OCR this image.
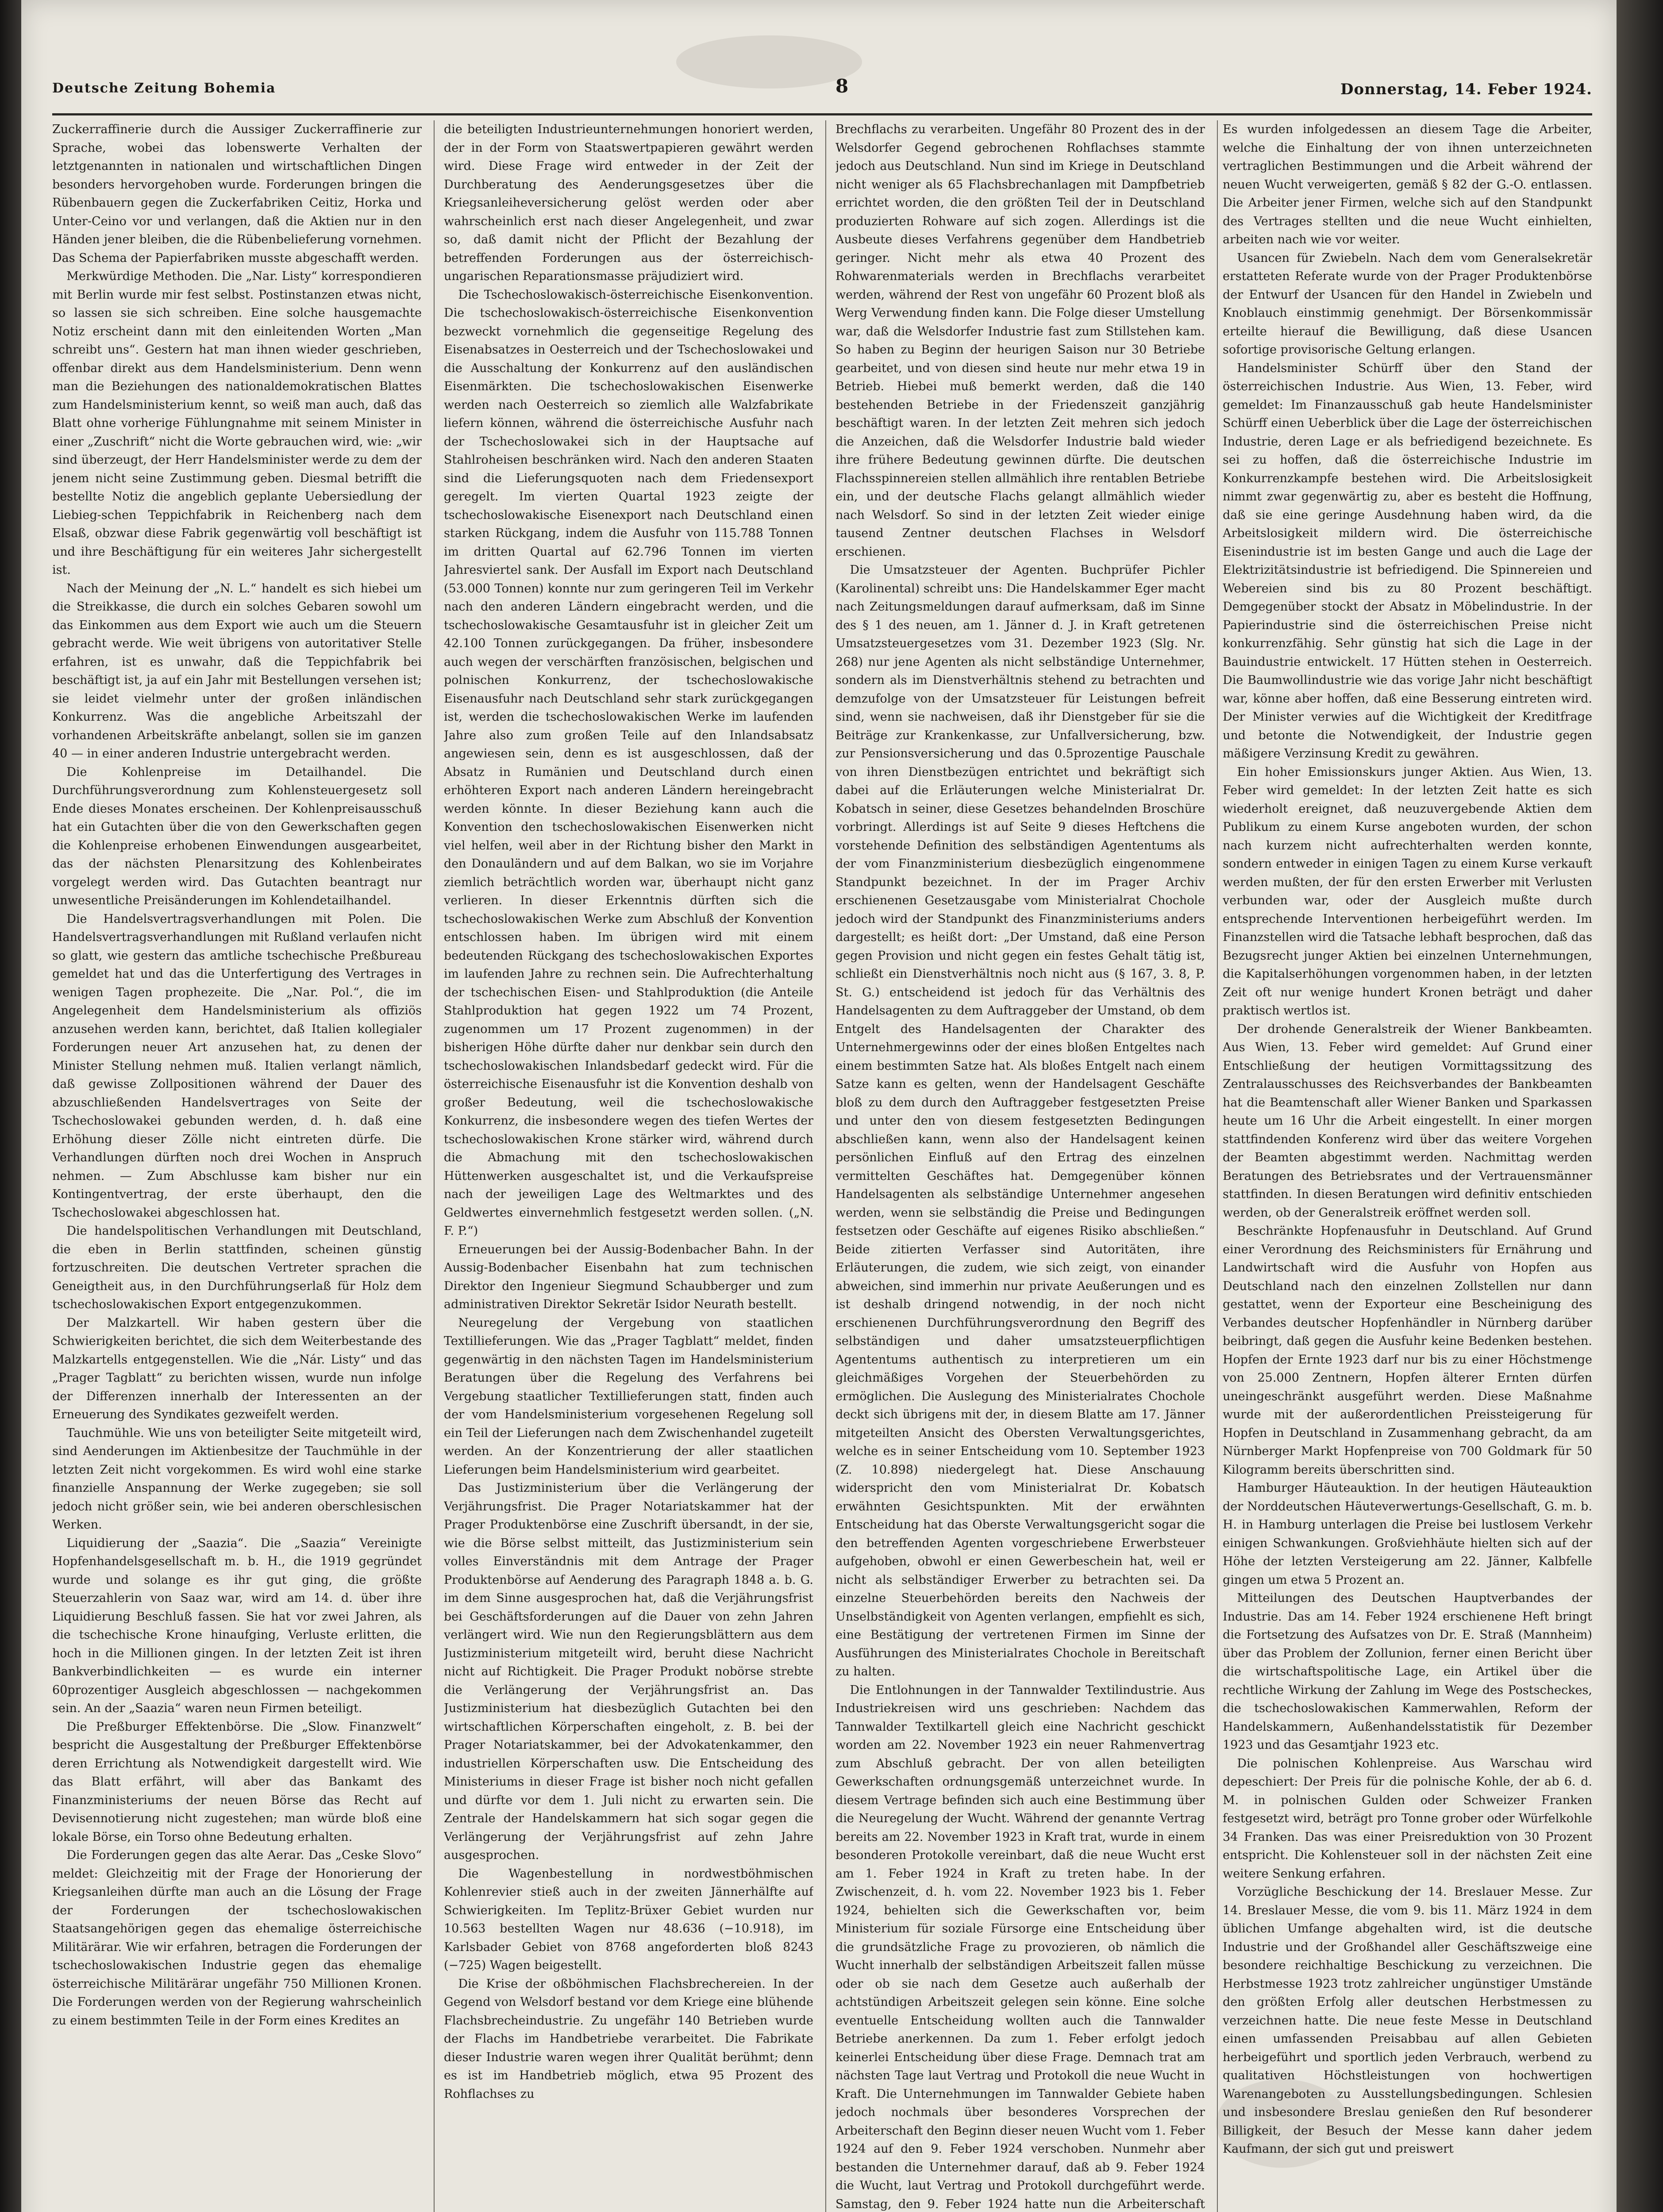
Deutsche Zeitung Bohemia	8	Donnerstag, 14. Feber 1924.

Zuckerraffinerie durch die Aussiger Zuckerraffinerie zur Sprache, wobei das lobenswerte Verhalten der letztgenannten in nationalen und wirtschaftlichen Dingen besonders hervorgehoben wurde. Forderungen bringen die Rübenbauern gegen die Zuckerfabriken Ceitiz, Horka und Unter-Ceino vor und verlangen, daß die Aktien nur in den Händen jener bleiben, die die Rübenbelieferung vornehmen. Das Schema der Papierfabriken musste abgeschafft werden.

Merkwürdige Methoden. Die „Nar. Listy“ korrespondieren mit Berlin wurde mir fest selbst. Postinstanzen etwas nicht, so lassen sie sich schreiben. Eine solche hausgemachte Notiz erscheint dann mit den einleitenden Worten „Man schreibt uns“. Gestern hat man ihnen wieder geschrieben, offenbar direkt aus dem Handelsministerium. Denn wenn man die Beziehungen des nationaldemokratischen Blattes zum Handelsministerium kennt, so weiß man auch, daß das Blatt ohne vorherige Fühlungnahme mit seinem Minister in einer „Zuschrift“ nicht die Worte gebrauchen wird, wie: „wir sind überzeugt, der Herr Handelsminister werde zu dem der jenem nicht seine Zustimmung geben. Diesmal betrifft die bestellte Notiz die angeblich geplante Uebersiedlung der Liebieg-schen Teppichfabrik in Reichenberg nach dem Elsaß, obzwar diese Fabrik gegenwärtig voll beschäftigt ist und ihre Beschäftigung für ein weiteres Jahr sichergestellt ist.

Nach der Meinung der „N. L.“ handelt es sich hiebei um die Streikkasse, die durch ein solches Gebaren sowohl um das Einkommen aus dem Export wie auch um die Steuern gebracht werde. Wie weit übrigens von autoritativer Stelle erfahren, ist es unwahr, daß die Teppichfabrik bei beschäftigt ist, ja auf ein Jahr mit Bestellungen versehen ist; sie leidet vielmehr unter der großen inländischen Konkurrenz. Was die angebliche Arbeitszahl der vorhandenen Arbeitskräfte anbelangt, sollen sie im ganzen 40 — in einer anderen Industrie untergebracht werden.

Die Kohlenpreise im Detailhandel. Die Durchführungsverordnung zum Kohlensteuergesetz soll Ende dieses Monates erscheinen. Der Kohlenpreisausschuß hat ein Gutachten über die von den Gewerkschaften gegen die Kohlenpreise erhobenen Einwendungen ausgearbeitet, das der nächsten Plenarsitzung des Kohlenbeirates vorgelegt werden wird. Das Gutachten beantragt nur unwesentliche Preisänderungen im Kohlendetailhandel.

Die Handelsvertragsverhandlungen mit Polen. Die Handelsvertragsverhandlungen mit Rußland verlaufen nicht so glatt, wie gestern das amtliche tschechische Preßbureau gemeldet hat und das die Unterfertigung des Vertrages in wenigen Tagen prophezeite. Die „Nar. Pol.“, die im Angelegenheit dem Handelsministerium als offiziös anzusehen werden kann, berichtet, daß Italien kollegialer Forderungen neuer Art anzusehen hat, zu denen der Minister Stellung nehmen muß. Italien verlangt nämlich, daß gewisse Zollpositionen während der Dauer des abzuschließenden Handelsvertrages von Seite der Tschechoslowakei gebunden werden, d. h. daß eine Erhöhung dieser Zölle nicht eintreten dürfe. Die Verhandlungen dürften noch drei Wochen in Anspruch nehmen. — Zum Abschlusse kam bisher nur ein Kontingentvertrag, der erste überhaupt, den die Tschechoslowakei abgeschlossen hat.

Die handelspolitischen Verhandlungen mit Deutschland, die eben in Berlin stattfinden, scheinen günstig fortzuschreiten. Die deutschen Vertreter sprachen die Geneigtheit aus, in den Durchführungserlaß für Holz dem tschechoslowakischen Export entgegenzukommen.

Der Malzkartell. Wir haben gestern über die Schwierigkeiten berichtet, die sich dem Weiterbestande des Malzkartells entgegenstellen. Wie die „Nár. Listy“ und das „Prager Tagblatt“ zu berichten wissen, wurde nun infolge der Differenzen innerhalb der Interessenten an der Erneuerung des Syndikates gezweifelt werden.

Tauchmühle. Wie uns von beteiligter Seite mitgeteilt wird, sind Aenderungen im Aktienbesitze der Tauchmühle in der letzten Zeit nicht vorgekommen. Es wird wohl eine starke finanzielle Anspannung der Werke zugegeben; sie soll jedoch nicht größer sein, wie bei anderen oberschlesischen Werken.

Liquidierung der „Saazia“. Die „Saazia“ Vereinigte Hopfenhandelsgesellschaft m. b. H., die 1919 gegründet wurde und solange es ihr gut ging, die größte Steuerzahlerin von Saaz war, wird am 14. d. über ihre Liquidierung Beschluß fassen. Sie hat vor zwei Jahren, als die tschechische Krone hinaufging, Verluste erlitten, die hoch in die Millionen gingen. In der letzten Zeit ist ihren Bankverbindlichkeiten — es wurde ein interner 60prozentiger Ausgleich abgeschlossen — nachgekommen sein. An der „Saazia“ waren neun Firmen beteiligt.

Die Preßburger Effektenbörse. Die „Slow. Finanzwelt“ bespricht die Ausgestaltung der Preßburger Effektenbörse deren Errichtung als Notwendigkeit dargestellt wird. Wie das Blatt erfährt, will aber das Bankamt des Finanzministeriums der neuen Börse das Recht auf Devisennotierung nicht zugestehen; man würde bloß eine lokale Börse, ein Torso ohne Bedeutung erhalten.

Die Forderungen gegen das alte Aerar. Das „Ceske Slovo“ meldet: Gleichzeitig mit der Frage der Honorierung der Kriegsanleihen dürfte man auch an die Lösung der Frage der Forderungen der tschechoslowakischen Staatsangehörigen gegen das ehemalige österreichische Militärärar. Wie wir erfahren, betragen die Forderungen der tschechoslowakischen Industrie gegen das ehemalige österreichische Militärärar ungefähr 750 Millionen Kronen. Die Forderungen werden von der Regierung wahrscheinlich zu einem bestimmten Teile in der Form eines Kredites an

die beteiligten Industrieunternehmungen honoriert werden, der in der Form von Staatswertpapieren gewährt werden wird. Diese Frage wird entweder in der Zeit der Durchberatung des Aenderungsgesetzes über die Kriegsanleiheversicherung gelöst werden oder aber wahrscheinlich erst nach dieser Angelegenheit, und zwar so, daß damit nicht der Pflicht der Bezahlung der betreffenden Forderungen aus der österreichisch-ungarischen Reparationsmasse präjudiziert wird.

Die Tschechoslowakisch-österreichische Eisenkonvention. Die tschechoslowakisch-österreichische Eisenkonvention bezweckt vornehmlich die gegenseitige Regelung des Eisenabsatzes in Oesterreich und der Tschechoslowakei und die Ausschaltung der Konkurrenz auf den ausländischen Eisenmärkten. Die tschechoslowakischen Eisenwerke werden nach Oesterreich so ziemlich alle Walzfabrikate liefern können, während die österreichische Ausfuhr nach der Tschechoslowakei sich in der Hauptsache auf Stahlroheisen beschränken wird. Nach den anderen Staaten sind die Lieferungsquoten nach dem Friedensexport geregelt. Im vierten Quartal 1923 zeigte der tschechoslowakische Eisenexport nach Deutschland einen starken Rückgang, indem die Ausfuhr von 115.788 Tonnen im dritten Quartal auf 62.796 Tonnen im vierten Jahresviertel sank. Der Ausfall im Export nach Deutschland (53.000 Tonnen) konnte nur zum geringeren Teil im Verkehr nach den anderen Ländern eingebracht werden, und die tschechoslowakische Gesamtausfuhr ist in gleicher Zeit um 42.100 Tonnen zurückgegangen. Da früher, insbesondere auch wegen der verschärften französischen, belgischen und polnischen Konkurrenz, der tschechoslowakische Eisenausfuhr nach Deutschland sehr stark zurückgegangen ist, werden die tschechoslowakischen Werke im laufenden Jahre also zum großen Teile auf den Inlandsabsatz angewiesen sein, denn es ist ausgeschlossen, daß der Absatz in Rumänien und Deutschland durch einen erhöhteren Export nach anderen Ländern hereingebracht werden könnte. In dieser Beziehung kann auch die Konvention den tschechoslowakischen Eisenwerken nicht viel helfen, weil aber in der Richtung bisher den Markt in den Donauländern und auf dem Balkan, wo sie im Vorjahre ziemlich beträchtlich worden war, überhaupt nicht ganz verlieren. In dieser Erkenntnis dürften sich die tschechoslowakischen Werke zum Abschluß der Konvention entschlossen haben. Im übrigen wird mit einem bedeutenden Rückgang des tschechoslowakischen Exportes im laufenden Jahre zu rechnen sein. Die Aufrechterhaltung der tschechischen Eisen- und Stahlproduktion (die Anteile Stahlproduktion hat gegen 1922 um 74 Prozent, zugenommen um 17 Prozent zugenommen) in der bisherigen Höhe dürfte daher nur denkbar sein durch den tschechoslowakischen Inlandsbedarf gedeckt wird. Für die österreichische Eisenausfuhr ist die Konvention deshalb von großer Bedeutung, weil die tschechoslowakische Konkurrenz, die insbesondere wegen des tiefen Wertes der tschechoslowakischen Krone stärker wird, während durch die Abmachung mit den tschechoslowakischen Hüttenwerken ausgeschaltet ist, und die Verkaufspreise nach der jeweiligen Lage des Weltmarktes und des Geldwertes einvernehmlich festgesetzt werden sollen. („N. F. P.“)

Erneuerungen bei der Aussig-Bodenbacher Bahn. In der Aussig-Bodenbacher Eisenbahn hat zum technischen Direktor den Ingenieur Siegmund Schaubberger und zum administrativen Direktor Sekretär Isidor Neurath bestellt.

Neuregelung der Vergebung von staatlichen Textillieferungen. Wie das „Prager Tagblatt“ meldet, finden gegenwärtig in den nächsten Tagen im Handelsministerium Beratungen über die Regelung des Verfahrens bei Vergebung staatlicher Textillieferungen statt, finden auch der vom Handelsministerium vorgesehenen Regelung soll ein Teil der Lieferungen nach dem Zwischenhandel zugeteilt werden. An der Konzentrierung der aller staatlichen Lieferungen beim Handelsministerium wird gearbeitet.

Das Justizministerium über die Verlängerung der Verjährungsfrist. Die Prager Notariatskammer hat der Prager Produktenbörse eine Zuschrift übersandt, in der sie, wie die Börse selbst mitteilt, das Justizministerium sein volles Einverständnis mit dem Antrage der Prager Produktenbörse auf Aenderung des Paragraph 1848 a. b. G. im dem Sinne ausgesprochen hat, daß die Verjährungsfrist bei Geschäftsforderungen auf die Dauer von zehn Jahren verlängert wird. Wie nun den Regierungsblättern aus dem Justizministerium mitgeteilt wird, beruht diese Nachricht nicht auf Richtigkeit. Die Prager Produkt nobörse strebte die Verlängerung der Verjährungsfrist an. Das Justizministerium hat diesbezüglich Gutachten bei den wirtschaftlichen Körperschaften eingeholt, z. B. bei der Prager Notariatskammer, bei der Advokatenkammer, den industriellen Körperschaften usw. Die Entscheidung des Ministeriums in dieser Frage ist bisher noch nicht gefallen und dürfte vor dem 1. Juli nicht zu erwarten sein. Die Zentrale der Handelskammern hat sich sogar gegen die Verlängerung der Verjährungsfrist auf zehn Jahre ausgesprochen.

Die Wagenbestellung in nordwestböhmischen Kohlenrevier stieß auch in der zweiten Jännerhälfte auf Schwierigkeiten. Im Teplitz-Brüxer Gebiet wurden nur 10.563 bestellten Wagen nur 48.636 (−10.918), im Karlsbader Gebiet von 8768 angeforderten bloß 8243 (−725) Wagen beigestellt.

Die Krise der oßböhmischen Flachsbrechereien. In der Gegend von Welsdorf bestand vor dem Kriege eine blühende Flachsbrecheindustrie. Zu ungefähr 140 Betrieben wurde der Flachs im Handbetriebe verarbeitet. Die Fabrikate dieser Industrie waren wegen ihrer Qualität berühmt; denn es ist im Handbetrieb möglich, etwa 95 Prozent des Rohflachses zu

Brechflachs zu verarbeiten. Ungefähr 80 Prozent des in der Welsdorfer Gegend gebrochenen Rohflachses stammte jedoch aus Deutschland. Nun sind im Kriege in Deutschland nicht weniger als 65 Flachsbrechanlagen mit Dampfbetrieb errichtet worden, die den größten Teil der in Deutschland produzierten Rohware auf sich zogen. Allerdings ist die Ausbeute dieses Verfahrens gegenüber dem Handbetrieb geringer. Nicht mehr als etwa 40 Prozent des Rohwarenmaterials werden in Brechflachs verarbeitet werden, während der Rest von ungefähr 60 Prozent bloß als Werg Verwendung finden kann. Die Folge dieser Umstellung war, daß die Welsdorfer Industrie fast zum Stillstehen kam. So haben zu Beginn der heurigen Saison nur 30 Betriebe gearbeitet, und von diesen sind heute nur mehr etwa 19 in Betrieb. Hiebei muß bemerkt werden, daß die 140 bestehenden Betriebe in der Friedenszeit ganzjährig beschäftigt waren. In der letzten Zeit mehren sich jedoch die Anzeichen, daß die Welsdorfer Industrie bald wieder ihre frühere Bedeutung gewinnen dürfte. Die deutschen Flachsspinnereien stellen allmählich ihre rentablen Betriebe ein, und der deutsche Flachs gelangt allmählich wieder nach Welsdorf. So sind in der letzten Zeit wieder einige tausend Zentner deutschen Flachses in Welsdorf erschienen.

Die Umsatzsteuer der Agenten. Buchprüfer Pichler (Karolinental) schreibt uns: Die Handelskammer Eger macht nach Zeitungsmeldungen darauf aufmerksam, daß im Sinne des § 1 des neuen, am 1. Jänner d. J. in Kraft getretenen Umsatzsteuergesetzes vom 31. Dezember 1923 (Slg. Nr. 268) nur jene Agenten als nicht selbständige Unternehmer, sondern als im Dienstverhältnis stehend zu betrachten und demzufolge von der Umsatzsteuer für Leistungen befreit sind, wenn sie nachweisen, daß ihr Dienstgeber für sie die Beiträge zur Krankenkasse, zur Unfallversicherung, bzw. zur Pensionsversicherung und das 0.5prozentige Pauschale von ihren Dienstbezügen entrichtet und bekräftigt sich dabei auf die Erläuterungen welche Ministerialrat Dr. Kobatsch in seiner, diese Gesetzes behandelnden Broschüre vorbringt. Allerdings ist auf Seite 9 dieses Heftchens die vorstehende Definition des selbständigen Agententums als der vom Finanzministerium diesbezüglich eingenommene Standpunkt bezeichnet. In der im Prager Archiv erschienenen Gesetzausgabe vom Ministerialrat Chochole jedoch wird der Standpunkt des Finanzministeriums anders dargestellt; es heißt dort: „Der Umstand, daß eine Person gegen Provision und nicht gegen ein festes Gehalt tätig ist, schließt ein Dienstverhältnis noch nicht aus (§ 167, 3. 8, P. St. G.) entscheidend ist jedoch für das Verhältnis des Handelsagenten zu dem Auftraggeber der Umstand, ob dem Entgelt des Handelsagenten der Charakter des Unternehmergewinns oder der eines bloßen Entgeltes nach einem bestimmten Satze hat. Als bloßes Entgelt nach einem Satze kann es gelten, wenn der Handelsagent Geschäfte bloß zu dem durch den Auftraggeber festgesetzten Preise und unter den von diesem festgesetzten Bedingungen abschließen kann, wenn also der Handelsagent keinen persönlichen Einfluß auf den Ertrag des einzelnen vermittelten Geschäftes hat. Demgegenüber können Handelsagenten als selbständige Unternehmer angesehen werden, wenn sie selbständig die Preise und Bedingungen festsetzen oder Geschäfte auf eigenes Risiko abschließen.“ Beide zitierten Verfasser sind Autoritäten, ihre Erläuterungen, die zudem, wie sich zeigt, von einander abweichen, sind immerhin nur private Aeußerungen und es ist deshalb dringend notwendig, in der noch nicht erschienenen Durchführungsverordnung den Begriff des selbständigen und daher umsatzsteuerpflichtigen Agententums authentisch zu interpretieren um ein gleichmäßiges Vorgehen der Steuerbehörden zu ermöglichen. Die Auslegung des Ministerialrates Chochole deckt sich übrigens mit der, in diesem Blatte am 17. Jänner mitgeteilten Ansicht des Obersten Verwaltungsgerichtes, welche es in seiner Entscheidung vom 10. September 1923 (Z. 10.898) niedergelegt hat. Diese Anschauung widerspricht den vom Ministerialrat Dr. Kobatsch erwähnten Gesichtspunkten. Mit der erwähnten Entscheidung hat das Oberste Verwaltungsgericht sogar die den betreffenden Agenten vorgeschriebene Erwerbsteuer aufgehoben, obwohl er einen Gewerbeschein hat, weil er nicht als selbständiger Erwerber zu betrachten sei. Da einzelne Steuerbehörden bereits den Nachweis der Unselbständigkeit von Agenten verlangen, empfiehlt es sich, eine Bestätigung der vertretenen Firmen im Sinne der Ausführungen des Ministerialrates Chochole in Bereitschaft zu halten.

Die Entlohnungen in der Tannwalder Textilindustrie. Aus Industriekreisen wird uns geschrieben: Nachdem das Tannwalder Textilkartell gleich eine Nachricht geschickt worden am 22. November 1923 ein neuer Rahmenvertrag zum Abschluß gebracht. Der von allen beteiligten Gewerkschaften ordnungsgemäß unterzeichnet wurde. In diesem Vertrage befinden sich auch eine Bestimmung über die Neuregelung der Wucht. Während der genannte Vertrag bereits am 22. November 1923 in Kraft trat, wurde in einem besonderen Protokolle vereinbart, daß die neue Wucht erst am 1. Feber 1924 in Kraft zu treten habe. In der Zwischenzeit, d. h. vom 22. November 1923 bis 1. Feber 1924, behielten sich die Gewerkschaften vor, beim Ministerium für soziale Fürsorge eine Entscheidung über die grundsätzliche Frage zu provozieren, ob nämlich die Wucht innerhalb der selbständigen Arbeitszeit fallen müsse oder ob sie nach dem Gesetze auch außerhalb der achtstündigen Arbeitszeit gelegen sein könne. Eine solche eventuelle Entscheidung wollten auch die Tannwalder Betriebe anerkennen. Da zum 1. Feber erfolgt jedoch keinerlei Entscheidung über diese Frage. Demnach trat am nächsten Tage laut Vertrag und Protokoll die neue Wucht in Kraft. Die Unternehmungen im Tannwalder Gebiete haben jedoch nochmals über besonderes Vorsprechen der Arbeiterschaft den Beginn dieser neuen Wucht vom 1. Feber 1924 auf den 9. Feber 1924 verschoben. Nunmehr aber bestanden die Unternehmer darauf, daß ab 9. Feber 1924 die Wucht, laut Vertrag und Protokoll durchgeführt werde. Samstag, den 9. Feber 1924 hatte nun die Arbeiterschaft

Es wurden infolgedessen an diesem Tage die Arbeiter, welche die Einhaltung der von ihnen unterzeichneten vertraglichen Bestimmungen und die Arbeit während der neuen Wucht verweigerten, gemäß § 82 der G.-O. entlassen. Die Arbeiter jener Firmen, welche sich auf den Standpunkt des Vertrages stellten und die neue Wucht einhielten, arbeiten nach wie vor weiter.

Usancen für Zwiebeln. Nach dem vom Generalsekretär erstatteten Referate wurde von der Prager Produktenbörse der Entwurf der Usancen für den Handel in Zwiebeln und Knoblauch einstimmig genehmigt. Der Börsenkommissär erteilte hierauf die Bewilligung, daß diese Usancen sofortige provisorische Geltung erlangen.

Handelsminister Schürff über den Stand der österreichischen Industrie. Aus Wien, 13. Feber, wird gemeldet: Im Finanzausschuß gab heute Handelsminister Schürff einen Ueberblick über die Lage der österreichischen Industrie, deren Lage er als befriedigend bezeichnete. Es sei zu hoffen, daß die österreichische Industrie im Konkurrenzkampfe bestehen wird. Die Arbeitslosigkeit nimmt zwar gegenwärtig zu, aber es besteht die Hoffnung, daß sie eine geringe Ausdehnung haben wird, da die Arbeitslosigkeit mildern wird. Die österreichische Eisenindustrie ist im besten Gange und auch die Lage der Elektrizitätsindustrie ist befriedigend. Die Spinnereien und Webereien sind bis zu 80 Prozent beschäftigt. Demgegenüber stockt der Absatz in Möbelindustrie. In der Papierindustrie sind die österreichischen Preise nicht konkurrenzfähig. Sehr günstig hat sich die Lage in der Bauindustrie entwickelt. 17 Hütten stehen in Oesterreich. Die Baumwollindustrie wie das vorige Jahr nicht beschäftigt war, könne aber hoffen, daß eine Besserung eintreten wird. Der Minister verwies auf die Wichtigkeit der Kreditfrage und betonte die Notwendigkeit, der Industrie gegen mäßigere Verzinsung Kredit zu gewähren.

Ein hoher Emissionskurs junger Aktien. Aus Wien, 13. Feber wird gemeldet: In der letzten Zeit hatte es sich wiederholt ereignet, daß neuzuvergebende Aktien dem Publikum zu einem Kurse angeboten wurden, der schon nach kurzem nicht aufrechterhalten werden konnte, sondern entweder in einigen Tagen zu einem Kurse verkauft werden mußten, der für den ersten Erwerber mit Verlusten verbunden war, oder der Ausgleich mußte durch entsprechende Interventionen herbeigeführt werden. Im Finanzstellen wird die Tatsache lebhaft besprochen, daß das Bezugsrecht junger Aktien bei einzelnen Unternehmungen, die Kapitalserhöhungen vorgenommen haben, in der letzten Zeit oft nur wenige hundert Kronen beträgt und daher praktisch wertlos ist.

Der drohende Generalstreik der Wiener Bankbeamten. Aus Wien, 13. Feber wird gemeldet: Auf Grund einer Entschließung der heutigen Vormittagssitzung des Zentralausschusses des Reichsverbandes der Bankbeamten hat die Beamtenschaft aller Wiener Banken und Sparkassen heute um 16 Uhr die Arbeit eingestellt. In einer morgen stattfindenden Konferenz wird über das weitere Vorgehen der Beamten abgestimmt werden. Nachmittag werden Beratungen des Betriebsrates und der Vertrauensmänner stattfinden. In diesen Beratungen wird definitiv entschieden werden, ob der Generalstreik eröffnet werden soll.

Beschränkte Hopfenausfuhr in Deutschland. Auf Grund einer Verordnung des Reichsministers für Ernährung und Landwirtschaft wird die Ausfuhr von Hopfen aus Deutschland nach den einzelnen Zollstellen nur dann gestattet, wenn der Exporteur eine Bescheinigung des Verbandes deutscher Hopfenhändler in Nürnberg darüber beibringt, daß gegen die Ausfuhr keine Bedenken bestehen. Hopfen der Ernte 1923 darf nur bis zu einer Höchstmenge von 25.000 Zentnern, Hopfen älterer Ernten dürfen uneingeschränkt ausgeführt werden. Diese Maßnahme wurde mit der außerordentlichen Preissteigerung für Hopfen in Deutschland in Zusammenhang gebracht, da am Nürnberger Markt Hopfenpreise von 700 Goldmark für 50 Kilogramm bereits überschritten sind.

Hamburger Häuteauktion. In der heutigen Häuteauktion der Norddeutschen Häuteverwertungs-Gesellschaft, G. m. b. H. in Hamburg unterlagen die Preise bei lustlosem Verkehr einigen Schwankungen. Großviehhäute hielten sich auf der Höhe der letzten Versteigerung am 22. Jänner, Kalbfelle gingen um etwa 5 Prozent an.

Mitteilungen des Deutschen Hauptverbandes der Industrie. Das am 14. Feber 1924 erschienene Heft bringt die Fortsetzung des Aufsatzes von Dr. E. Straß (Mannheim) über das Problem der Zollunion, ferner einen Bericht über die wirtschaftspolitische Lage, ein Artikel über die rechtliche Wirkung der Zahlung im Wege des Postscheckes, die tschechoslowakischen Kammerwahlen, Reform der Handelskammern, Außenhandelsstatistik für Dezember 1923 und das Gesamtjahr 1923 etc.

Die polnischen Kohlenpreise. Aus Warschau wird depeschiert: Der Preis für die polnische Kohle, der ab 6. d. M. in polnischen Gulden oder Schweizer Franken festgesetzt wird, beträgt pro Tonne grober oder Würfelkohle 34 Franken. Das was einer Preisreduktion von 30 Prozent entspricht. Die Kohlensteuer soll in der nächsten Zeit eine weitere Senkung erfahren.

Vorzügliche Beschickung der 14. Breslauer Messe. Zur 14. Breslauer Messe, die vom 9. bis 11. März 1924 in dem üblichen Umfange abgehalten wird, ist die deutsche Industrie und der Großhandel aller Geschäftszweige eine besondere reichhaltige Beschickung zu verzeichnen. Die Herbstmesse 1923 trotz zahlreicher ungünstiger Umstände den größten Erfolg aller deutschen Herbstmessen zu verzeichnen hatte. Die neue feste Messe in Deutschland einen umfassenden Preisabbau auf allen Gebieten herbeigeführt und sportlich jeden Verbrauch, werbend zu qualitativen Höchstleistungen von hochwertigen Warenangeboten zu Ausstellungsbedingungen. Schlesien und insbesondere Breslau genießen den Ruf besonderer Billigkeit, der Besuch der Messe kann daher jedem Kaufmann, der sich gut und preiswert
